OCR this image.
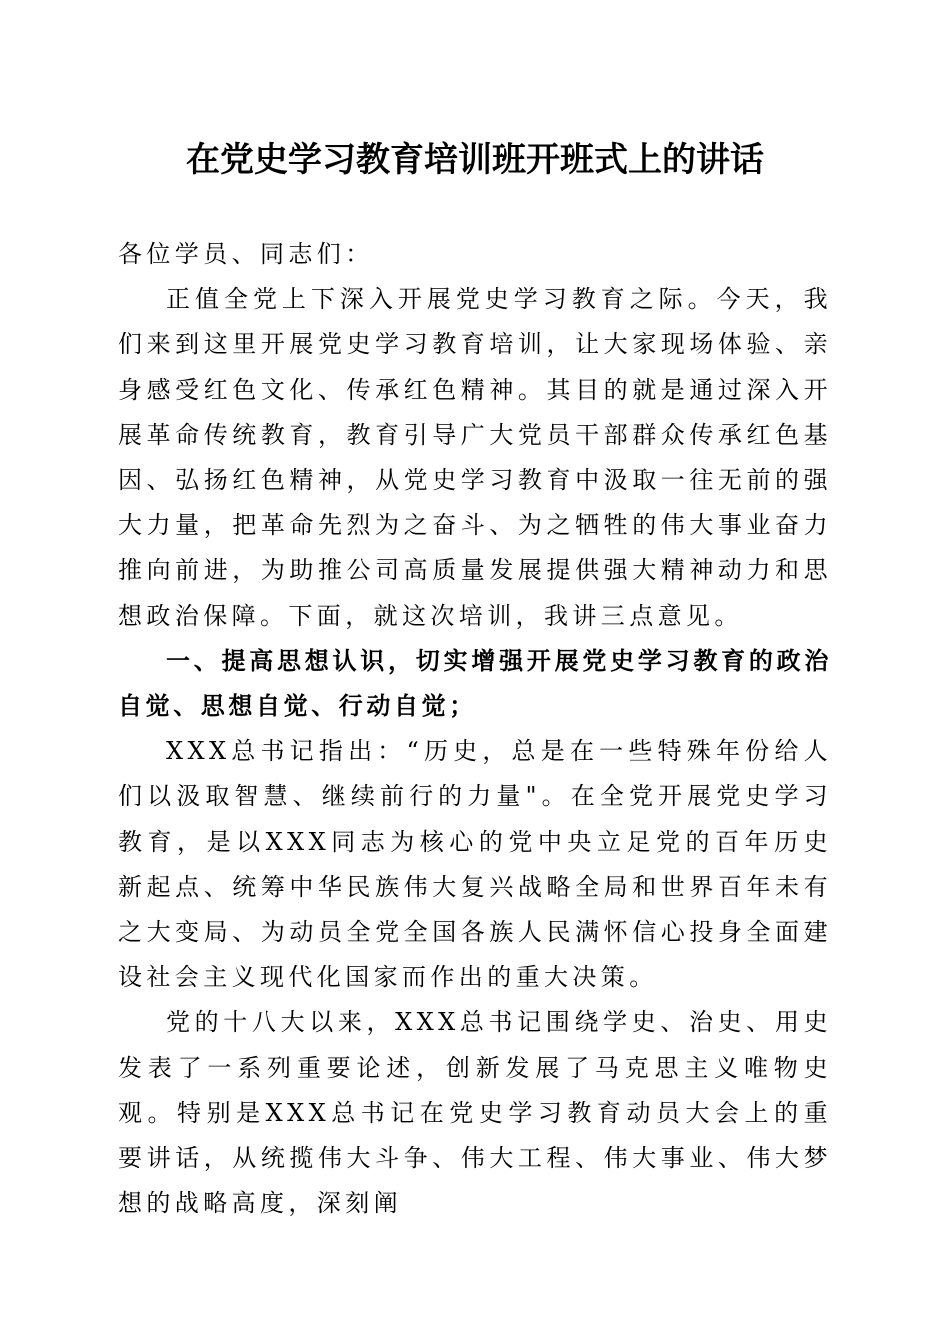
在党史学习教育培训班开班式上的讲话

各位学员、同志们：

正值全党上下深入开展党史学习教育之际。今天，我们来到这里开展党史学习教育培训，让大家现场体验、亲身感受红色文化、传承红色精神。其目的就是通过深入开展革命传统教育，教育引导广大党员干部群众传承红色基因、弘扬红色精神，从党史学习教育中汲取一往无前的强大力量，把革命先烈为之奋斗、为之牺牲的伟大事业奋力推向前进，为助推公司高质量发展提供强大精神动力和思想政治保障。下面，就这次培训，我讲三点意见。

一、提高思想认识，切实增强开展党史学习教育的政治自觉、思想自觉、行动自觉；

XXX总书记指出：“历史，总是在一些特殊年份给人们以汲取智慧、继续前行的力量"。在全党开展党史学习教育，是以XXX同志为核心的党中央立足党的百年历史新起点、统筹中华民族伟大复兴战略全局和世界百年未有之大变局、为动员全党全国各族人民满怀信心投身全面建设社会主义现代化国家而作出的重大决策。

党的十八大以来，XXX总书记围绕学史、治史、用史发表了一系列重要论述，创新发展了马克思主义唯物史观。特别是XXX总书记在党史学习教育动员大会上的重要讲话，从统揽伟大斗争、伟大工程、伟大事业、伟大梦想的战略高度，深刻阐
